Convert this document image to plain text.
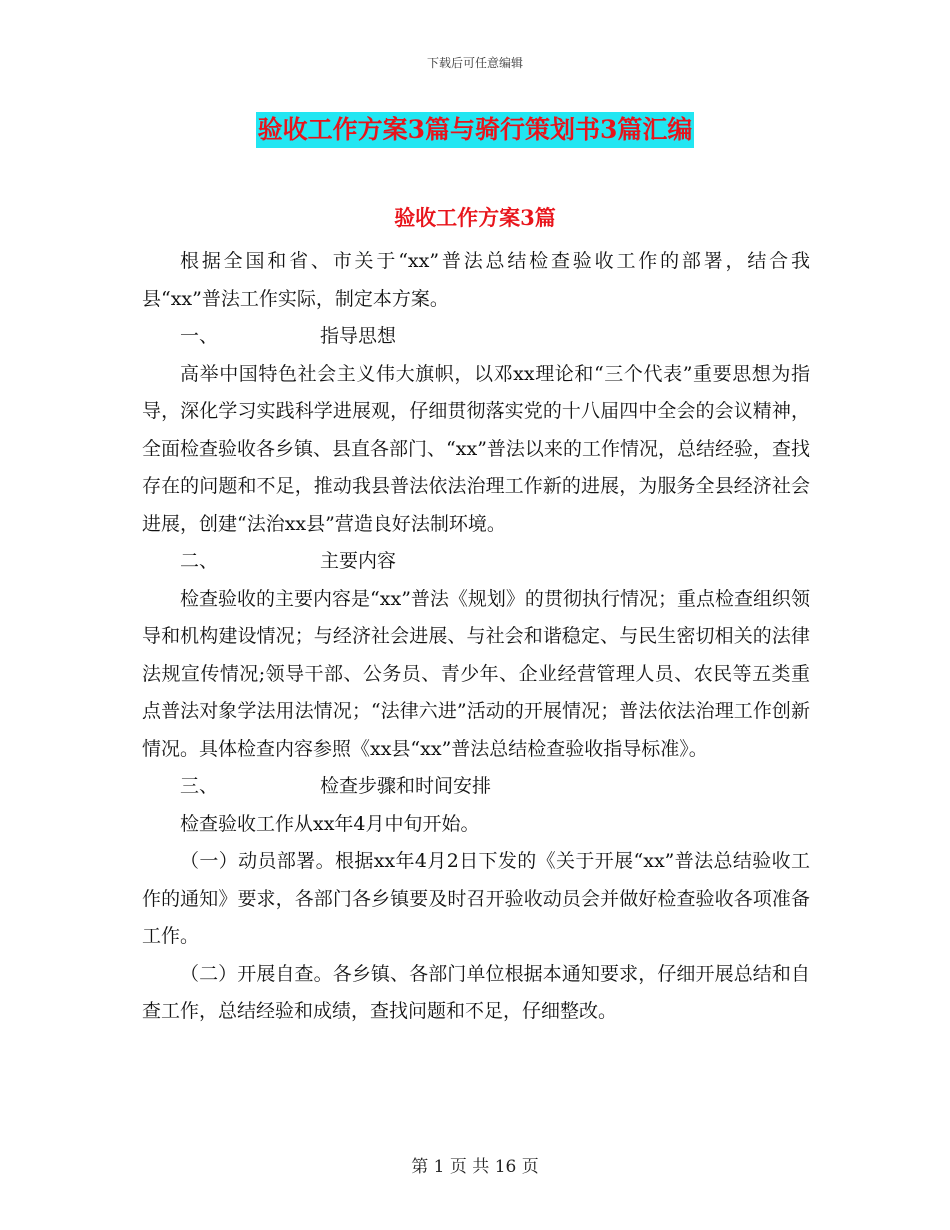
下载后可任意编辑
验收工作方案3篇与骑行策划书3篇汇编
验收工作方案3篇

根据全国和省、市关于“xx”普法总结检查验收工作的部署，结合我县“xx”普法工作实际，制定本方案。

一、	指导思想

高举中国特色社会主义伟大旗帜，以邓xx理论和“三个代表”重要思想为指导，深化学习实践科学进展观，仔细贯彻落实党的十八届四中全会的会议精神，全面检查验收各乡镇、县直各部门、“xx”普法以来的工作情况，总结经验，查找存在的问题和不足，推动我县普法依法治理工作新的进展，为服务全县经济社会进展，创建“法治xx县”营造良好法制环境。

二、	主要内容

检查验收的主要内容是“xx”普法《规划》的贯彻执行情况；重点检查组织领导和机构建设情况；与经济社会进展、与社会和谐稳定、与民生密切相关的法律法规宣传情况;领导干部、公务员、青少年、企业经营管理人员、农民等五类重点普法对象学法用法情况；“法律六进”活动的开展情况；普法依法治理工作创新情况。具体检查内容参照《xx县“xx”普法总结检查验收指导标准》。

三、	检查步骤和时间安排

检查验收工作从xx年4月中旬开始。

（一）动员部署。根据xx年4月2日下发的《关于开展“xx”普法总结验收工作的通知》要求，各部门各乡镇要及时召开验收动员会并做好检查验收各项准备工作。

（二）开展自查。各乡镇、各部门单位根据本通知要求，仔细开展总结和自查工作，总结经验和成绩，查找问题和不足，仔细整改。

第 1 页 共 16 页
